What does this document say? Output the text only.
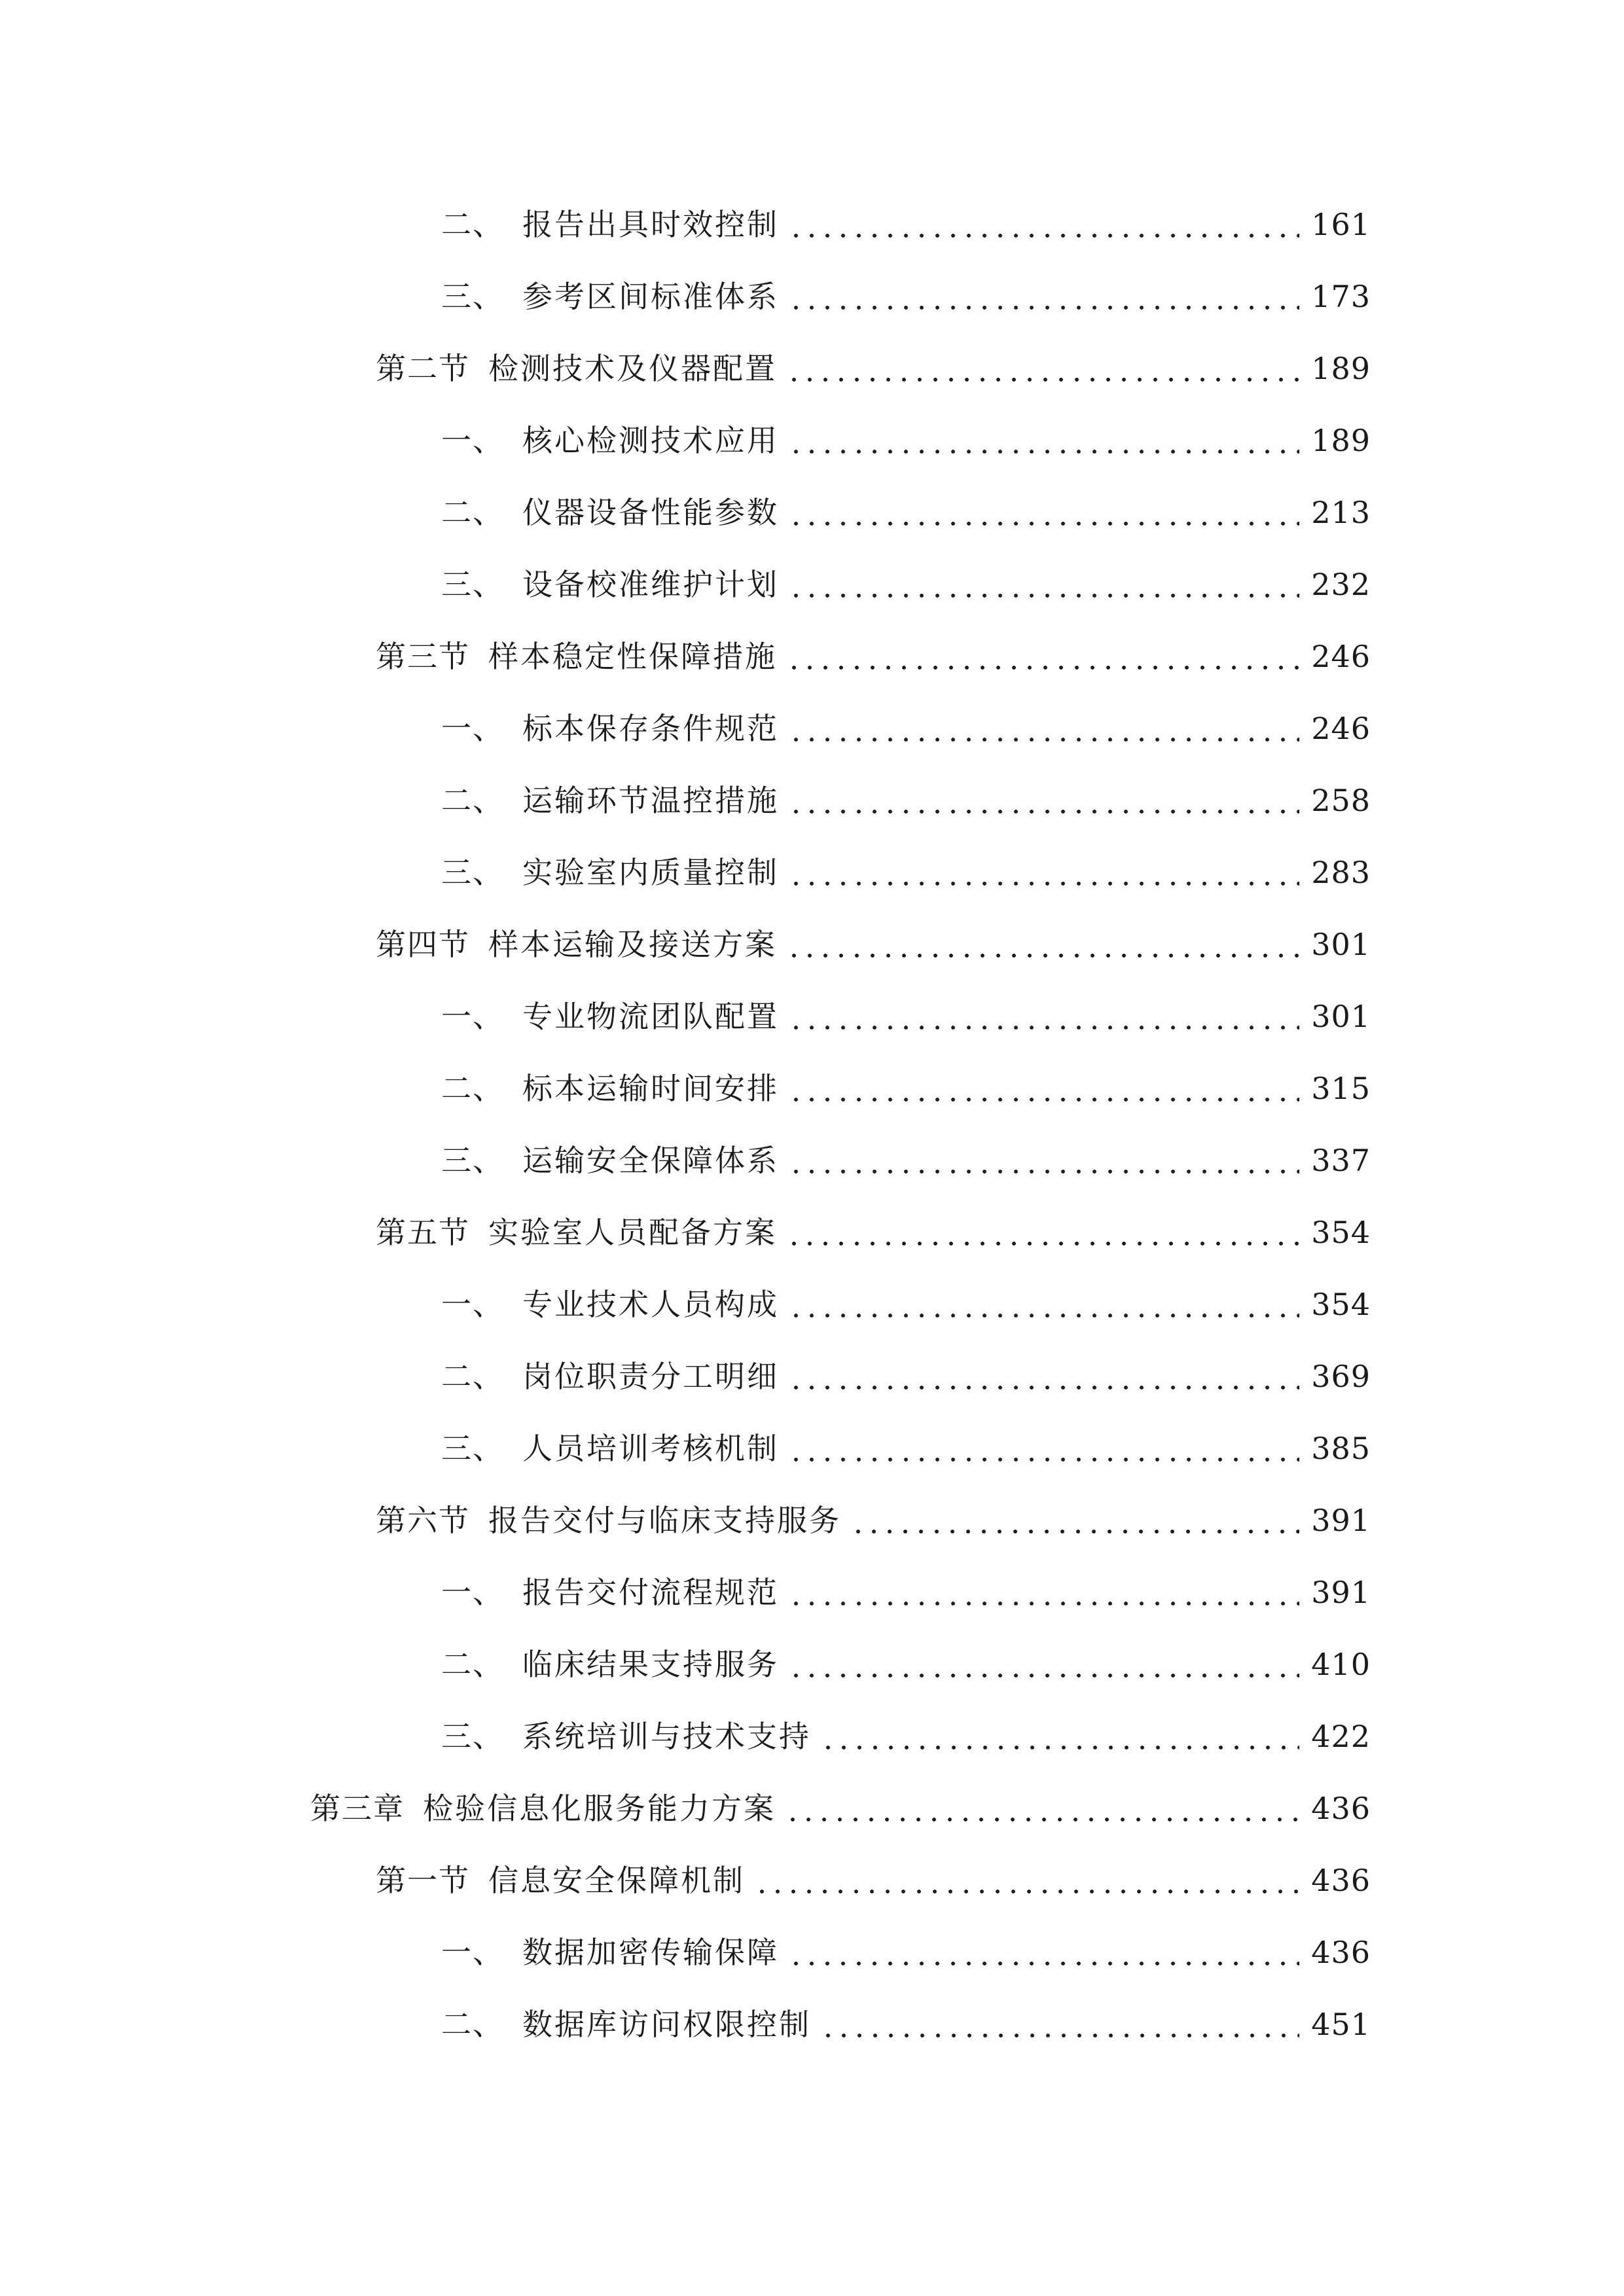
二、 报告出具时效控制	161
三、 参考区间标准体系	173
第二节 检测技术及仪器配置	189
一、 核心检测技术应用	189
二、 仪器设备性能参数	213
三、 设备校准维护计划	232
第三节 样本稳定性保障措施	246
一、 标本保存条件规范	246
二、 运输环节温控措施	258
三、 实验室内质量控制	283
第四节 样本运输及接送方案	301
一、 专业物流团队配置	301
二、 标本运输时间安排	315
三、 运输安全保障体系	337
第五节 实验室人员配备方案	354
一、 专业技术人员构成	354
二、 岗位职责分工明细	369
三、 人员培训考核机制	385
第六节 报告交付与临床支持服务	391
一、 报告交付流程规范	391
二、 临床结果支持服务	410
三、 系统培训与技术支持	422
第三章 检验信息化服务能力方案	436
第一节 信息安全保障机制	436
一、 数据加密传输保障	436
二、 数据库访问权限控制	451
